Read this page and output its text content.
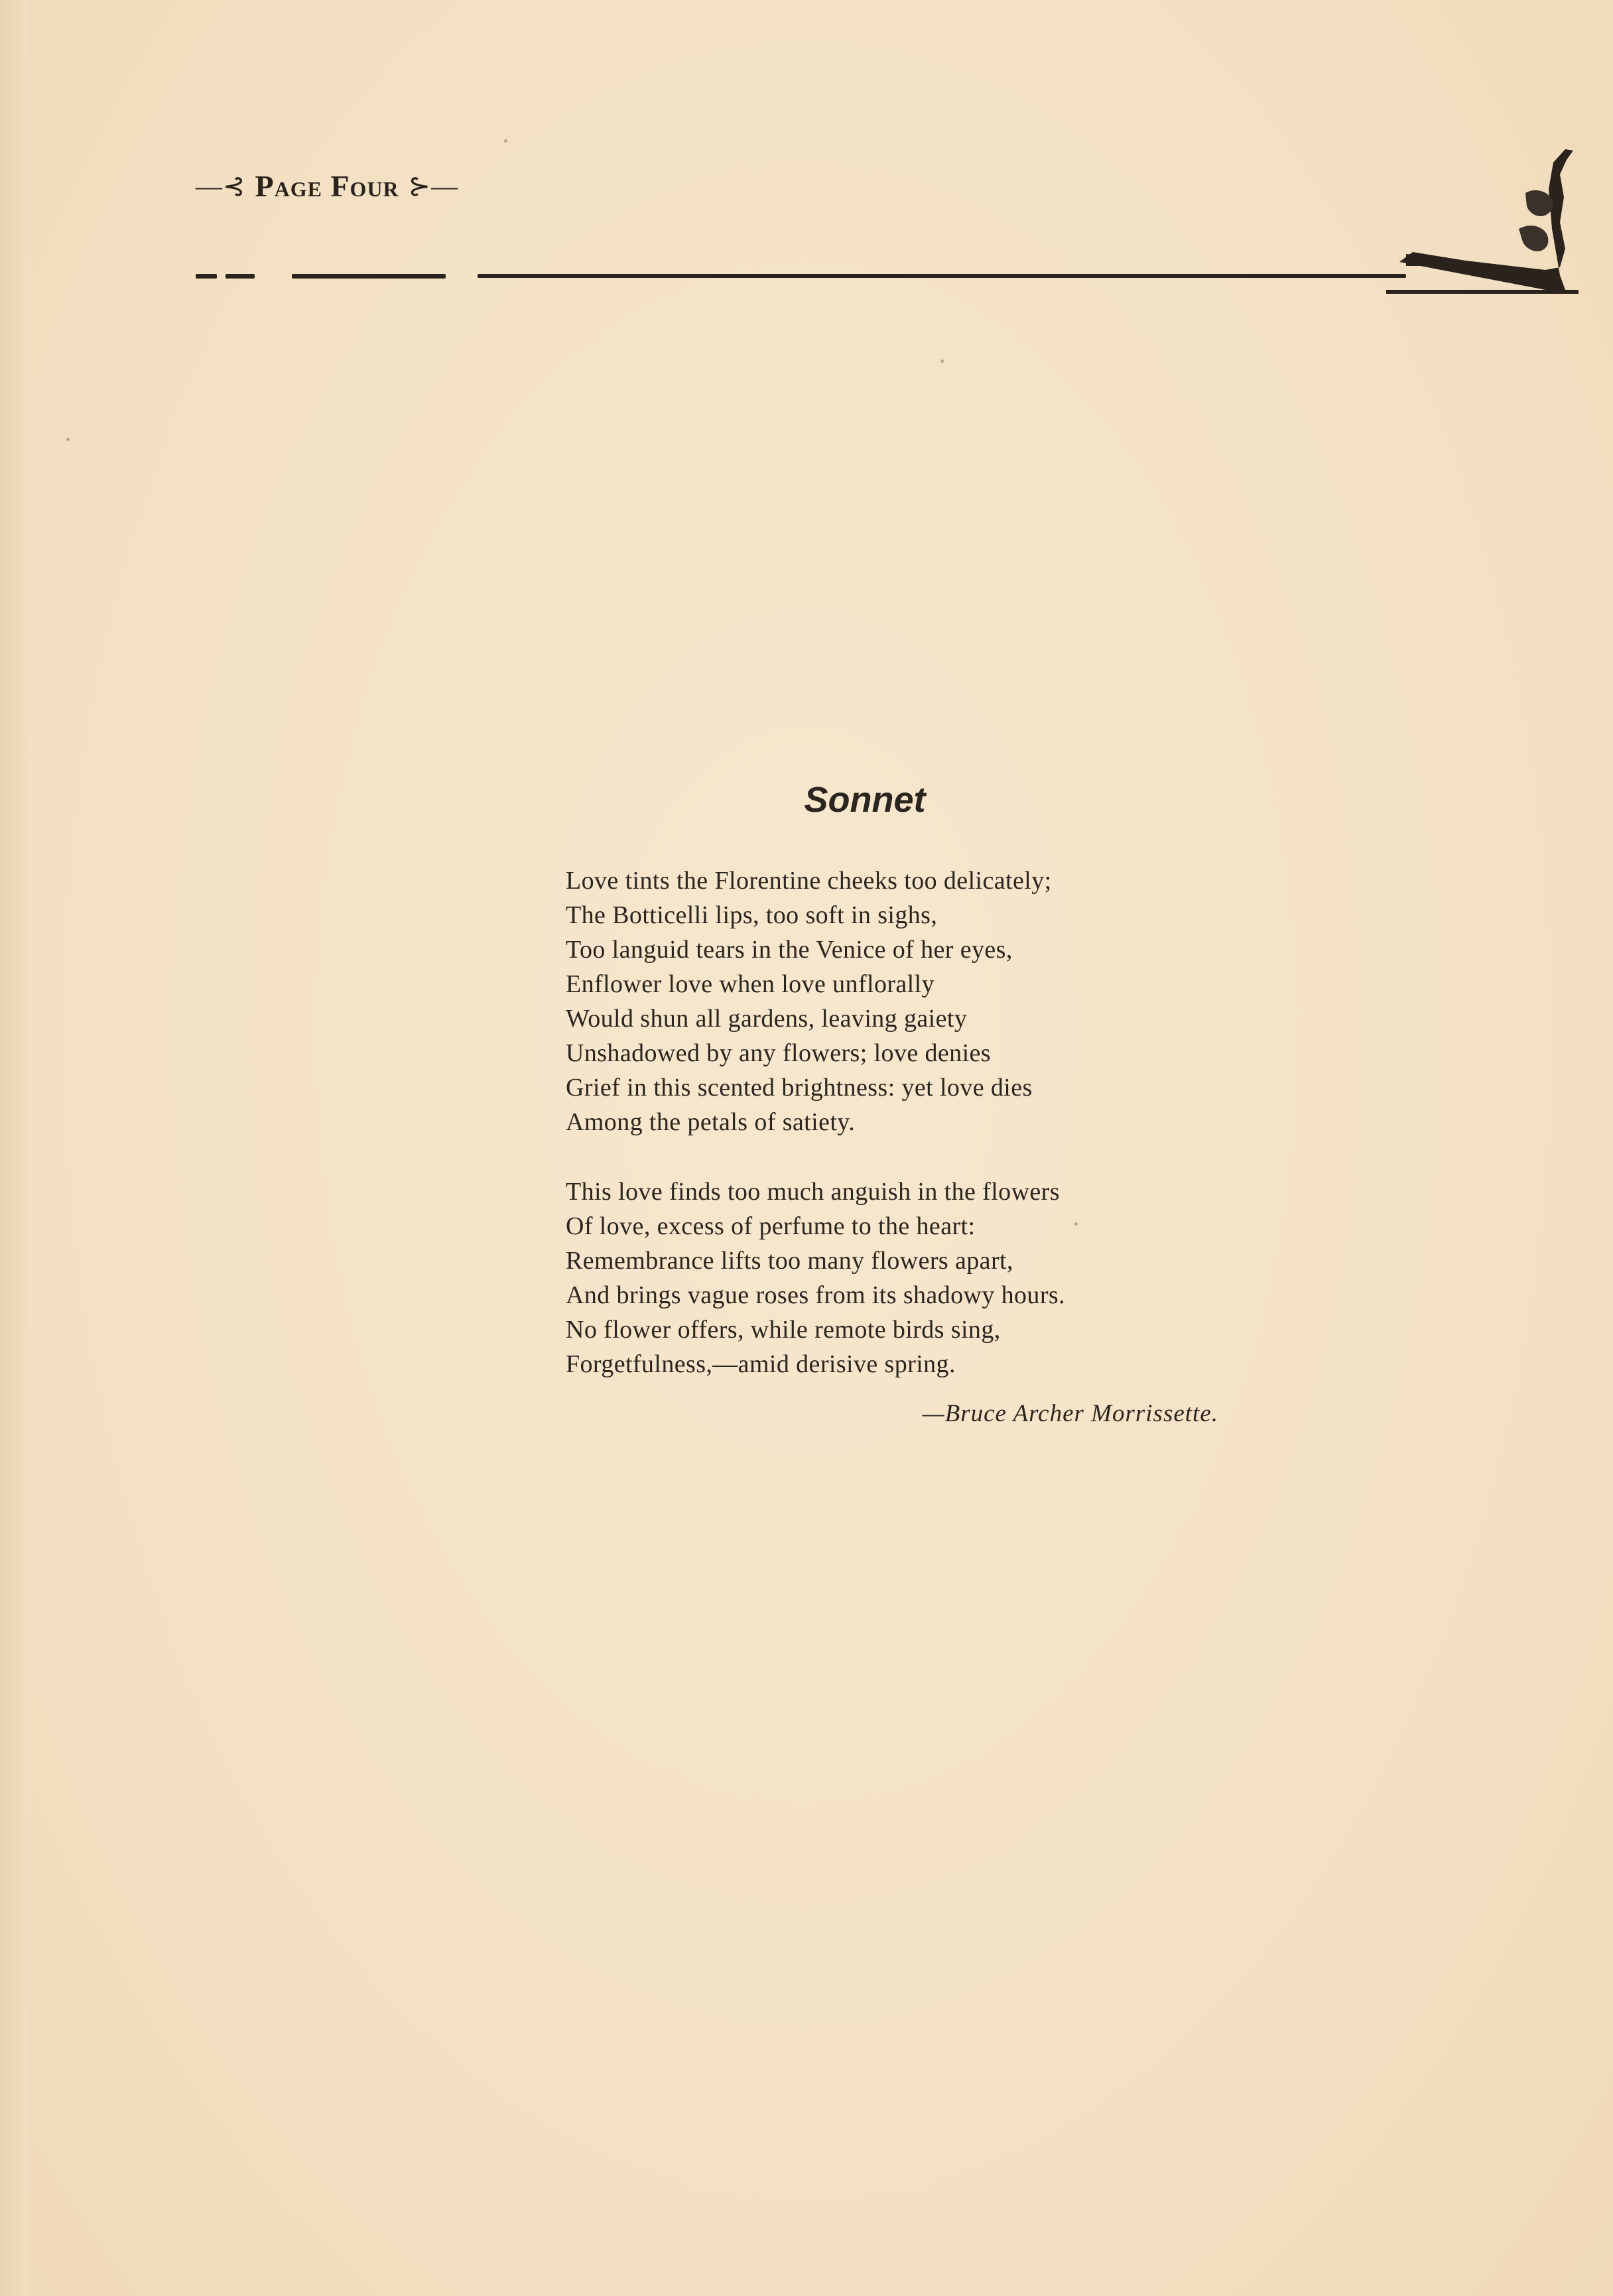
—⊰ Page Four ⊱—
Sonnet
Love tints the Florentine cheeks too delicately;
The Botticelli lips, too soft in sighs,
Too languid tears in the Venice of her eyes,
Enflower love when love unflorally
Would shun all gardens, leaving gaiety
Unshadowed by any flowers; love denies
Grief in this scented brightness: yet love dies
Among the petals of satiety.
This love finds too much anguish in the flowers
Of love, excess of perfume to the heart:
Remembrance lifts too many flowers apart,
And brings vague roses from its shadowy hours.
No flower offers, while remote birds sing,
Forgetfulness,—amid derisive spring.
—Bruce Archer Morrissette.
